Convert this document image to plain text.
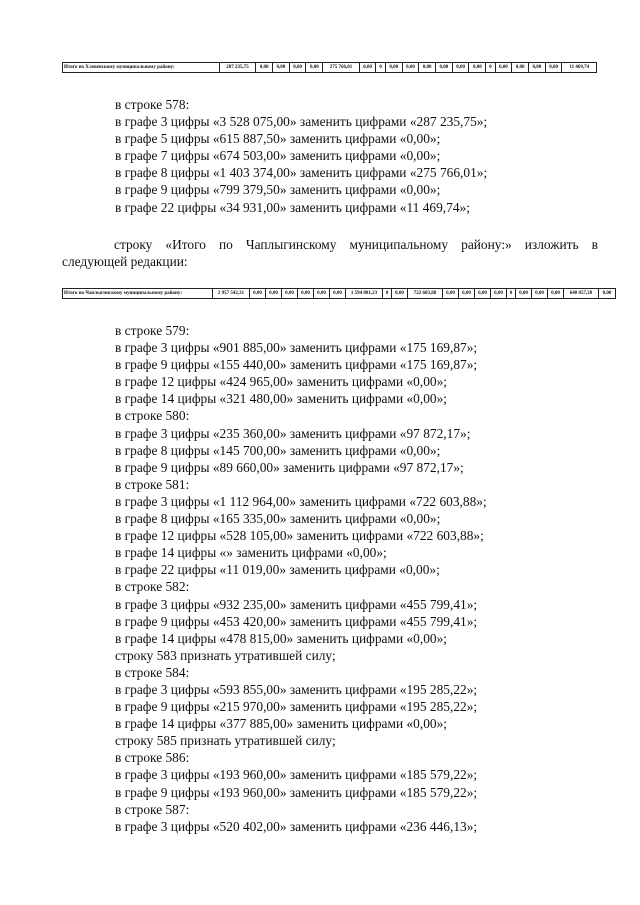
Итого по Хлевенскому муниципальному району:	287 235,75	0,00	0,00	0,00	0,00	275 766,01	0,00	0	0,00	0,00	0,00	0,00	0,00	0,00	0	0,00	0,00	0,00	0,00	11 469,74
в строке 578:
в графе 3 цифры «3 528 075,00» заменить цифрами «287 235,75»;
в графе 5 цифры «615 887,50» заменить цифрами «0,00»;
в графе 7 цифры «674 503,00» заменить цифрами «0,00»;
в графе 8 цифры «1 403 374,00» заменить цифрами «275 766,01»;
в графе 9 цифры «799 379,50» заменить цифрами «0,00»;
в графе 22 цифры «34 931,00» заменить цифрами «11 469,74»;
строку «Итого по Чаплыгинскому муниципальному району:» изложить в
следующей редакции:
Итого по Чаплыгинскому муниципальному району:	2 957 542,31	0,00	0,00	0,00	0,00	0,00	0,00	1 594 881,23	0	0,00	722 603,88	0,00	0,00	0,00	0,00	0	0,00	0,00	0,00	640 057,20	0,00
в строке 579:
в графе 3 цифры «901 885,00» заменить цифрами «175 169,87»;
в графе 9 цифры «155 440,00» заменить цифрами «175 169,87»;
в графе 12 цифры «424 965,00» заменить цифрами «0,00»;
в графе 14 цифры «321 480,00» заменить цифрами «0,00»;
в строке 580:
в графе 3 цифры «235 360,00» заменить цифрами «97 872,17»;
в графе 8 цифры «145 700,00» заменить цифрами «0,00»;
в графе 9 цифры «89 660,00» заменить цифрами «97 872,17»;
в строке 581:
в графе 3 цифры «1 112 964,00» заменить цифрами «722 603,88»;
в графе 8 цифры «165 335,00» заменить цифрами «0,00»;
в графе 12 цифры «528 105,00» заменить цифрами «722 603,88»;
в графе 14 цифры «» заменить цифрами «0,00»;
в графе 22 цифры «11 019,00» заменить цифрами «0,00»;
в строке 582:
в графе 3 цифры «932 235,00» заменить цифрами «455 799,41»;
в графе 9 цифры «453 420,00» заменить цифрами «455 799,41»;
в графе 14 цифры «478 815,00» заменить цифрами «0,00»;
строку 583 признать утратившей силу;
в строке 584:
в графе 3 цифры «593 855,00» заменить цифрами «195 285,22»;
в графе 9 цифры «215 970,00» заменить цифрами «195 285,22»;
в графе 14 цифры «377 885,00» заменить цифрами «0,00»;
строку 585 признать утратившей силу;
в строке 586:
в графе 3 цифры «193 960,00» заменить цифрами «185 579,22»;
в графе 9 цифры «193 960,00» заменить цифрами «185 579,22»;
в строке 587:
в графе 3 цифры «520 402,00» заменить цифрами «236 446,13»;
